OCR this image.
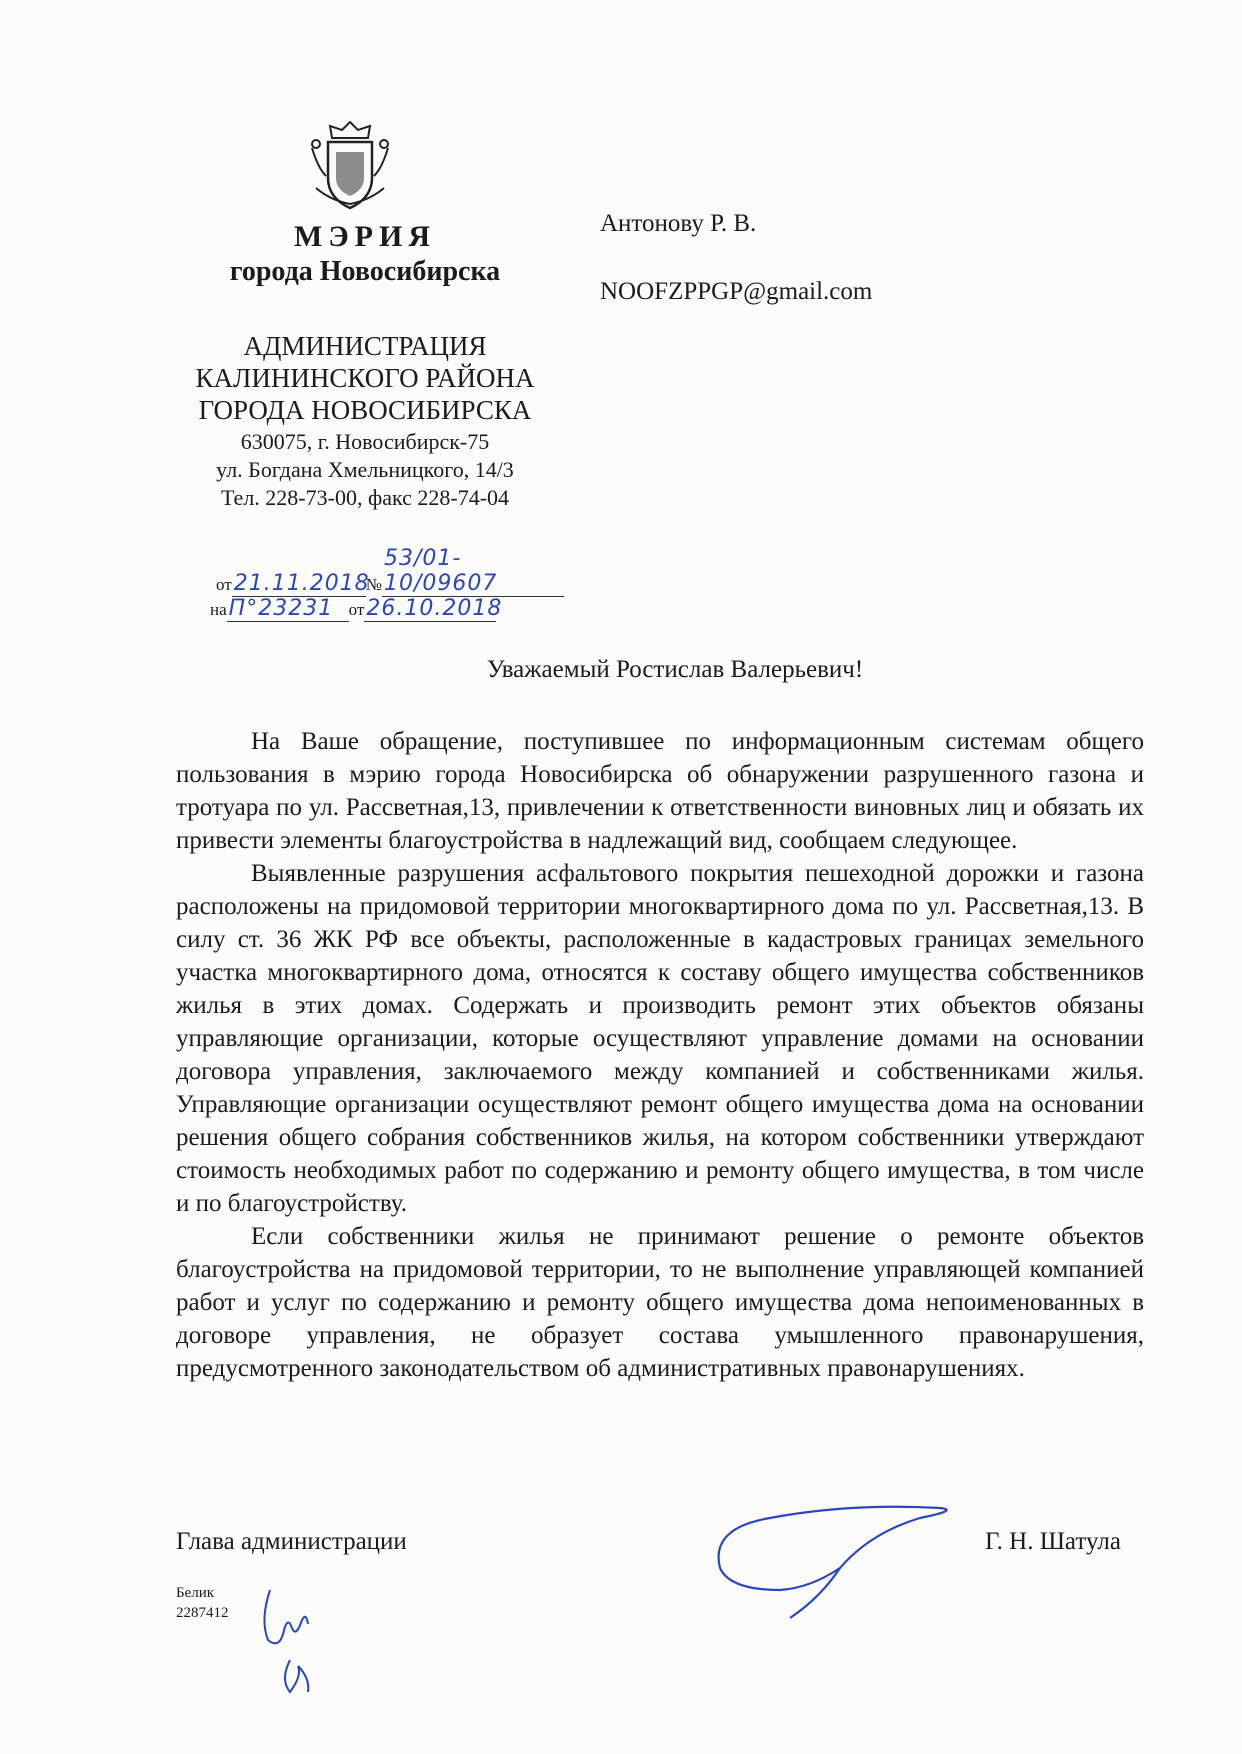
МЭРИЯ
города Новосибирска
АДМИНИСТРАЦИЯ
КАЛИНИНСКОГО РАЙОНА
ГОРОДА НОВОСИБИРСКА
630075, г. Новосибирск-75
ул. Богдана Хмельницкого, 14/3
Тел. 228-73-00, факс 228-74-04
от21.11.2018№53/01-10/09607
наП°23231 от26.10.2018
Антонову Р. В.
NOOFZPPGP@gmail.com
Уважаемый Ростислав Валерьевич!

На Ваше обращение, поступившее по информационным системам общего пользования в мэрию города Новосибирска об обнаружении разрушенного газона и тротуара по ул. Рассветная,13, привлечении к ответственности виновных лиц и обязать их привести элементы благоустройства в надлежащий вид, сообщаем следующее.

Выявленные разрушения асфальтового покрытия пешеходной дорожки и газона расположены на придомовой территории многоквартирного дома по ул. Рассветная,13. В силу ст. 36 ЖК РФ все объекты, расположенные в кадастровых границах земельного участка многоквартирного дома, относятся к составу общего имущества собственников жилья в этих домах. Содержать и производить ремонт этих объектов обязаны управляющие организации, которые осуществляют управление домами на основании договора управления, заключаемого между компанией и собственниками жилья. Управляющие организации осуществляют ремонт общего имущества дома на основании решения общего собрания собственников жилья, на котором собственники утверждают стоимость необходимых работ по содержанию и ремонту общего имущества, в том числе и по благоустройству.

Если собственники жилья не принимают решение о ремонте объектов благоустройства на придомовой территории, то не выполнение управляющей компанией работ и услуг по содержанию и ремонту общего имущества дома непоименованных в договоре управления, не образует состава умышленного правонарушения, предусмотренного законодательством об административных правонарушениях.

Глава администрации	Г. Н. Шатула
Белик
2287412
